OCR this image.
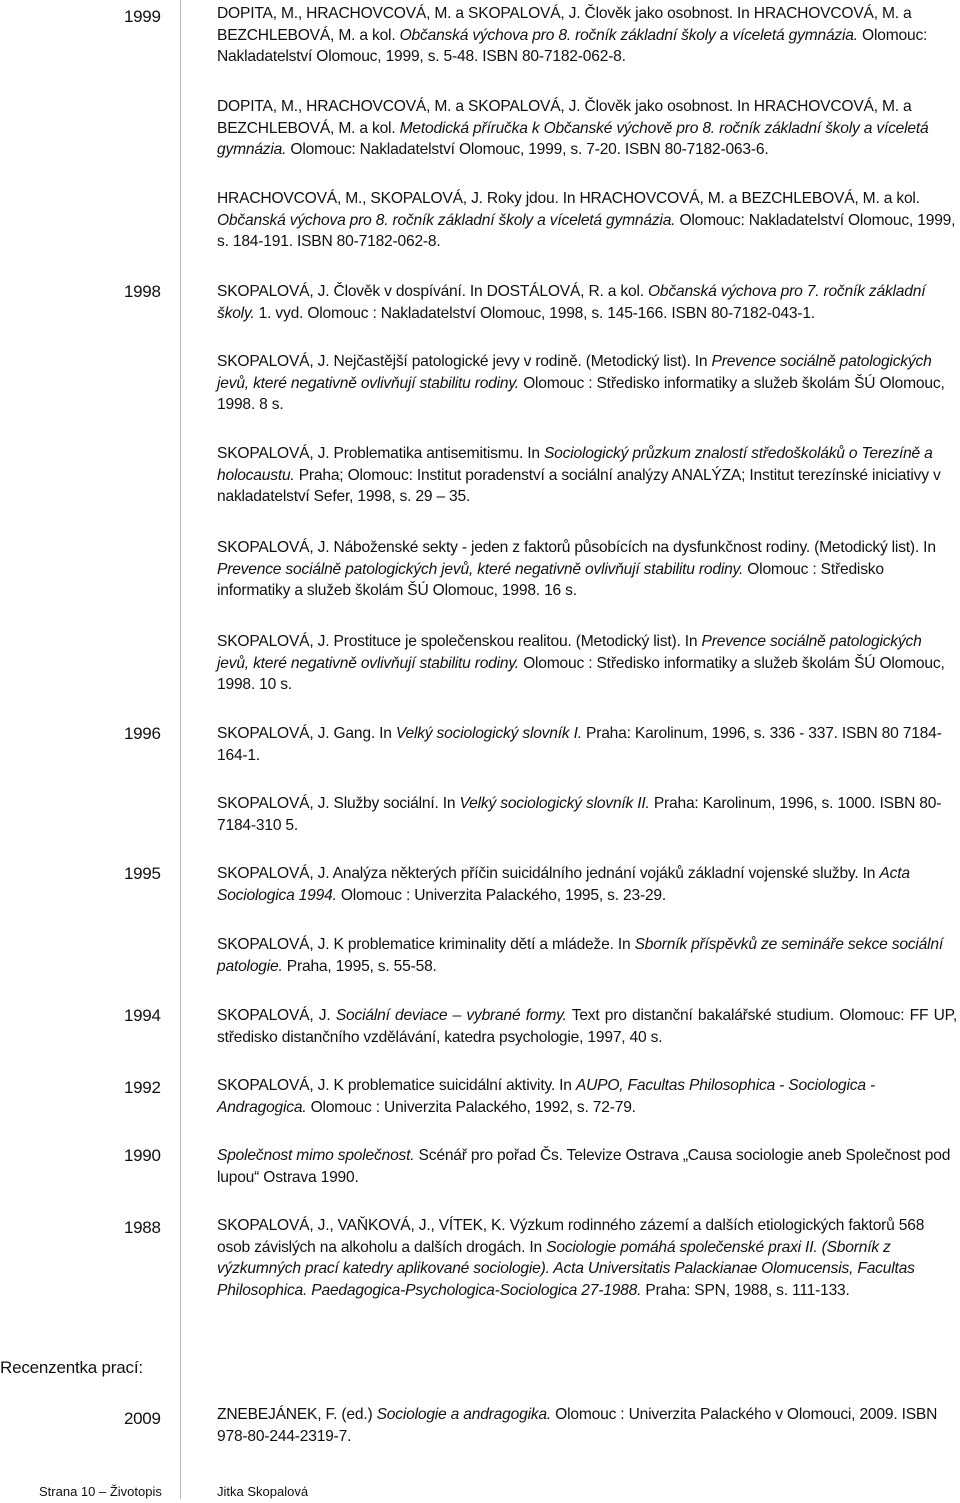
1999
1998
1996
1995
1994
1992
1990
1988
2009
Recenzentka prací:
DOPITA, M., HRACHOVCOVÁ, M. a SKOPALOVÁ, J. Člověk jako osobnost. In HRACHOVCOVÁ, M. a BEZCHLEBOVÁ, M. a kol. Občanská výchova pro 8. ročník základní školy a víceletá gymnázia. Olomouc: Nakladatelství Olomouc, 1999, s. 5-48. ISBN 80-7182-062-8.
DOPITA, M., HRACHOVCOVÁ, M. a SKOPALOVÁ, J. Člověk jako osobnost. In HRACHOVCOVÁ, M. a BEZCHLEBOVÁ, M. a kol. Metodická příručka k Občanské výchově pro 8. ročník základní školy a víceletá gymnázia. Olomouc: Nakladatelství Olomouc, 1999, s. 7-20. ISBN 80-7182-063-6.
HRACHOVCOVÁ, M., SKOPALOVÁ, J. Roky jdou. In HRACHOVCOVÁ, M. a BEZCHLEBOVÁ, M. a kol. Občanská výchova pro 8. ročník základní školy a víceletá gymnázia. Olomouc: Nakladatelství Olomouc, 1999, s. 184-191. ISBN 80-7182-062-8.
SKOPALOVÁ, J. Člověk v dospívání. In DOSTÁLOVÁ, R. a kol. Občanská výchova pro 7. ročník základní školy. 1. vyd. Olomouc : Nakladatelství Olomouc, 1998, s. 145-166. ISBN 80-7182-043-1.
SKOPALOVÁ, J. Nejčastější patologické jevy v rodině. (Metodický list). In Prevence sociálně patologických jevů, které negativně ovlivňují stabilitu rodiny. Olomouc : Středisko informatiky a služeb školám ŠÚ Olomouc, 1998. 8 s.
SKOPALOVÁ, J. Problematika antisemitismu. In Sociologický průzkum znalostí středoškoláků o Terezíně a holocaustu. Praha; Olomouc: Institut poradenství a sociální analýzy ANALÝZA; Institut terezínské iniciativy v nakladatelství Sefer, 1998, s. 29 – 35.
SKOPALOVÁ, J. Náboženské sekty - jeden z faktorů působících na dysfunkčnost rodiny. (Metodický list). In Prevence sociálně patologických jevů, které negativně ovlivňují stabilitu rodiny. Olomouc : Středisko informatiky a služeb školám ŠÚ Olomouc, 1998. 16 s.
SKOPALOVÁ, J. Prostituce je společenskou realitou. (Metodický list). In Prevence sociálně patologických jevů, které negativně ovlivňují stabilitu rodiny. Olomouc : Středisko informatiky a služeb školám ŠÚ Olomouc, 1998. 10 s.
SKOPALOVÁ, J. Gang. In Velký sociologický slovník I. Praha: Karolinum, 1996, s. 336 - 337. ISBN 80 7184-164-1.
SKOPALOVÁ, J. Služby sociální. In Velký sociologický slovník II. Praha: Karolinum, 1996, s. 1000. ISBN 80-7184-310 5.
SKOPALOVÁ, J. Analýza některých příčin suicidálního jednání vojáků základní vojenské služby. In Acta Sociologica 1994. Olomouc : Univerzita Palackého, 1995, s. 23-29.
SKOPALOVÁ, J. K problematice kriminality dětí a mládeže. In Sborník příspěvků ze semináře sekce sociální patologie. Praha, 1995, s. 55-58.
SKOPALOVÁ, J. Sociální deviace – vybrané formy. Text pro distanční bakalářské studium. Olomouc: FF UP, středisko distančního vzdělávání, katedra psychologie, 1997, 40 s.
SKOPALOVÁ, J. K problematice suicidální aktivity. In AUPO, Facultas Philosophica - Sociologica - Andragogica. Olomouc : Univerzita Palackého, 1992, s. 72-79.
Společnost mimo společnost. Scénář pro pořad Čs. Televize Ostrava „Causa sociologie aneb Společnost pod lupou“ Ostrava 1990.
SKOPALOVÁ, J., VAŇKOVÁ, J., VÍTEK, K. Výzkum rodinného zázemí a dalších etiologických faktorů 568 osob závislých na alkoholu a dalších drogách. In Sociologie pomáhá společenské praxi II. (Sborník z výzkumných prací katedry aplikované sociologie). Acta Universitatis Palackianae Olomucensis, Facultas Philosophica. Paedagogica-Psychologica-Sociologica 27-1988. Praha: SPN, 1988, s. 111-133.
ZNEBEJÁNEK, F. (ed.) Sociologie a andragogika. Olomouc : Univerzita Palackého v Olomouci, 2009. ISBN 978-80-244-2319-7.
Strana 10 – Životopis	Jitka Skopalová
